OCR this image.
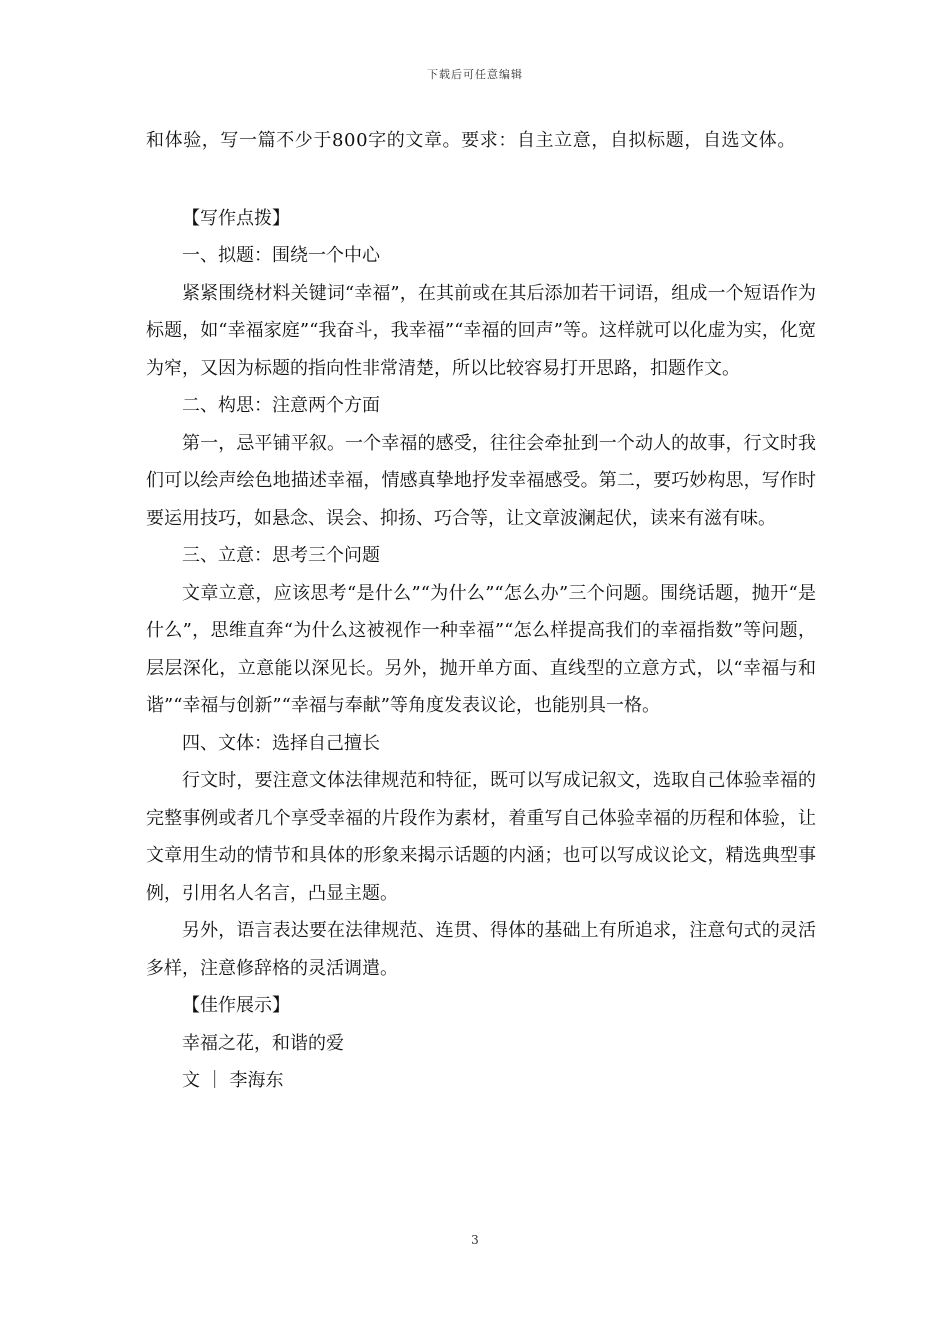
下载后可任意编辑

和体验，写一篇不少于800字的文章。要求：自主立意，自拟标题，自选文体。

【写作点拨】

一、拟题：围绕一个中心

紧紧围绕材料关键词“幸福”，在其前或在其后添加若干词语，组成一个短语作为标题，如“幸福家庭”“我奋斗，我幸福”“幸福的回声”等。这样就可以化虚为实，化宽为窄，又因为标题的指向性非常清楚，所以比较容易打开思路，扣题作文。

二、构思：注意两个方面

第一，忌平铺平叙。一个幸福的感受，往往会牵扯到一个动人的故事，行文时我们可以绘声绘色地描述幸福，情感真挚地抒发幸福感受。第二，要巧妙构思，写作时要运用技巧，如悬念、误会、抑扬、巧合等，让文章波澜起伏，读来有滋有味。

三、立意：思考三个问题

文章立意，应该思考“是什么”“为什么”“怎么办”三个问题。围绕话题，抛开“是什么”，思维直奔“为什么这被视作一种幸福”“怎么样提高我们的幸福指数”等问题，层层深化，立意能以深见长。另外，抛开单方面、直线型的立意方式，以“幸福与和谐”“幸福与创新”“幸福与奉献”等角度发表议论，也能别具一格。

四、文体：选择自己擅长

行文时，要注意文体法律规范和特征，既可以写成记叙文，选取自己体验幸福的完整事例或者几个享受幸福的片段作为素材，着重写自己体验幸福的历程和体验，让文章用生动的情节和具体的形象来揭示话题的内涵；也可以写成议论文，精选典型事例，引用名人名言，凸显主题。

另外，语言表达要在法律规范、连贯、得体的基础上有所追求，注意句式的灵活多样，注意修辞格的灵活调遣。

【佳作展示】

幸福之花，和谐的爱

文 ｜ 李海东

3
